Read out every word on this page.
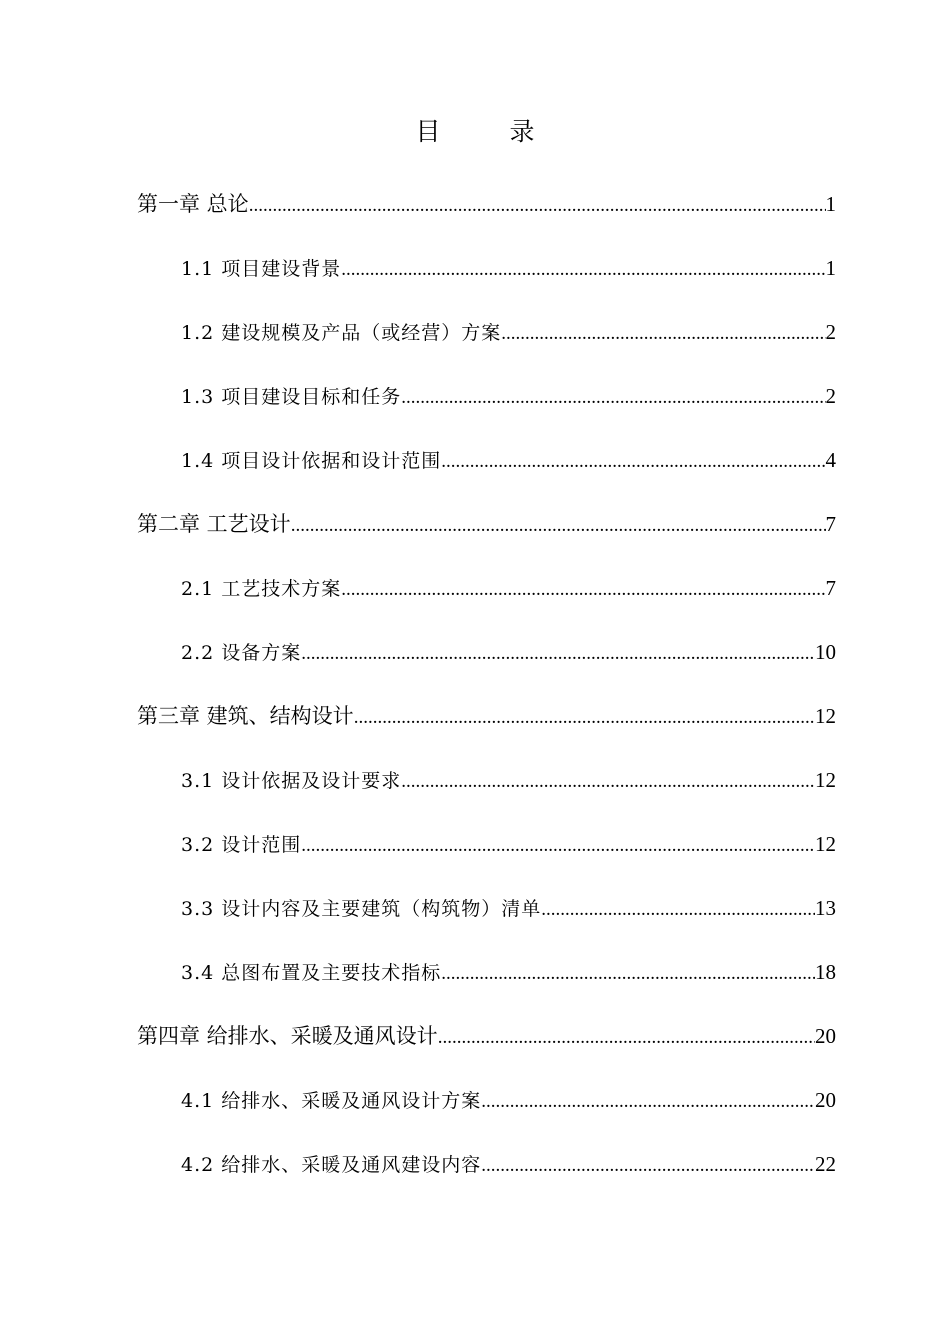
目　录
第一章 总论 .....	1
1.1 项目建设背景 .....	1
1.2 建设规模及产品（或经营）方案 .....	2
1.3 项目建设目标和任务 .....	2
1.4 项目设计依据和设计范围 .....	4
第二章 工艺设计 .....	7
2.1 工艺技术方案 .....	7
2.2 设备方案 .....	10
第三章 建筑、结构设计 .....	12
3.1 设计依据及设计要求 .....	12
3.2 设计范围 .....	12
3.3 设计内容及主要建筑（构筑物）清单 .....	13
3.4 总图布置及主要技术指标 .....	18
第四章 给排水、采暖及通风设计 .....	20
4.1 给排水、采暖及通风设计方案 .....	20
4.2 给排水、采暖及通风建设内容 .....	22
